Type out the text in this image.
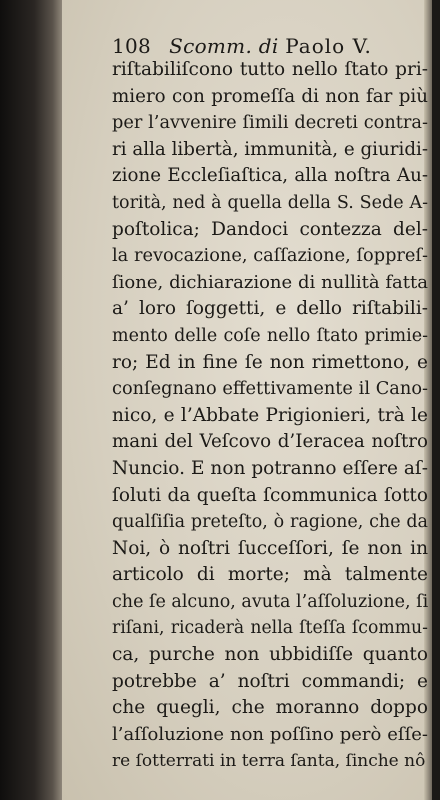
108 Scomm. di Paolo V.
riſtabiliſcono tutto nello ſtato pri-
miero con promeſſa di non far più
per l’avvenire ſimili decreti contra-
ri alla libertà, immunità, e giuridi-
zione Eccleſiaſtica, alla noſtra Au-
torità, ned à quella della S. Sede A-
poſtolica; Dandoci contezza del-
la revocazione, caſſazione, ſoppreſ-
ſione, dichiarazione di nullità fatta
a’ loro ſoggetti, e dello riſtabili-
mento delle coſe nello ſtato primie-
ro; Ed in fine ſe non rimettono, e
conſegnano effettivamente il Cano-
nico, e l’Abbate Prigionieri, trà le
mani del Veſcovo d’Ieracea noſtro
Nuncio. E non potranno eſſere aſ-
ſoluti da queſta ſcommunica ſotto
qualſiſia preteſto, ò ragione, che da
Noi, ò noſtri ſucceſſori, ſe non in
articolo di morte; mà talmente
che ſe alcuno, avuta l’aſſoluzione, ſi
riſani, ricaderà nella ſteſſa ſcommu-
ca, purche non ubbidiſſe quanto
potrebbe a’ noſtri commandi; e
che quegli, che moranno doppo
l’aſſoluzione non poſſino però eſſe-
re ſotterrati in terra ſanta, ſinche nô
